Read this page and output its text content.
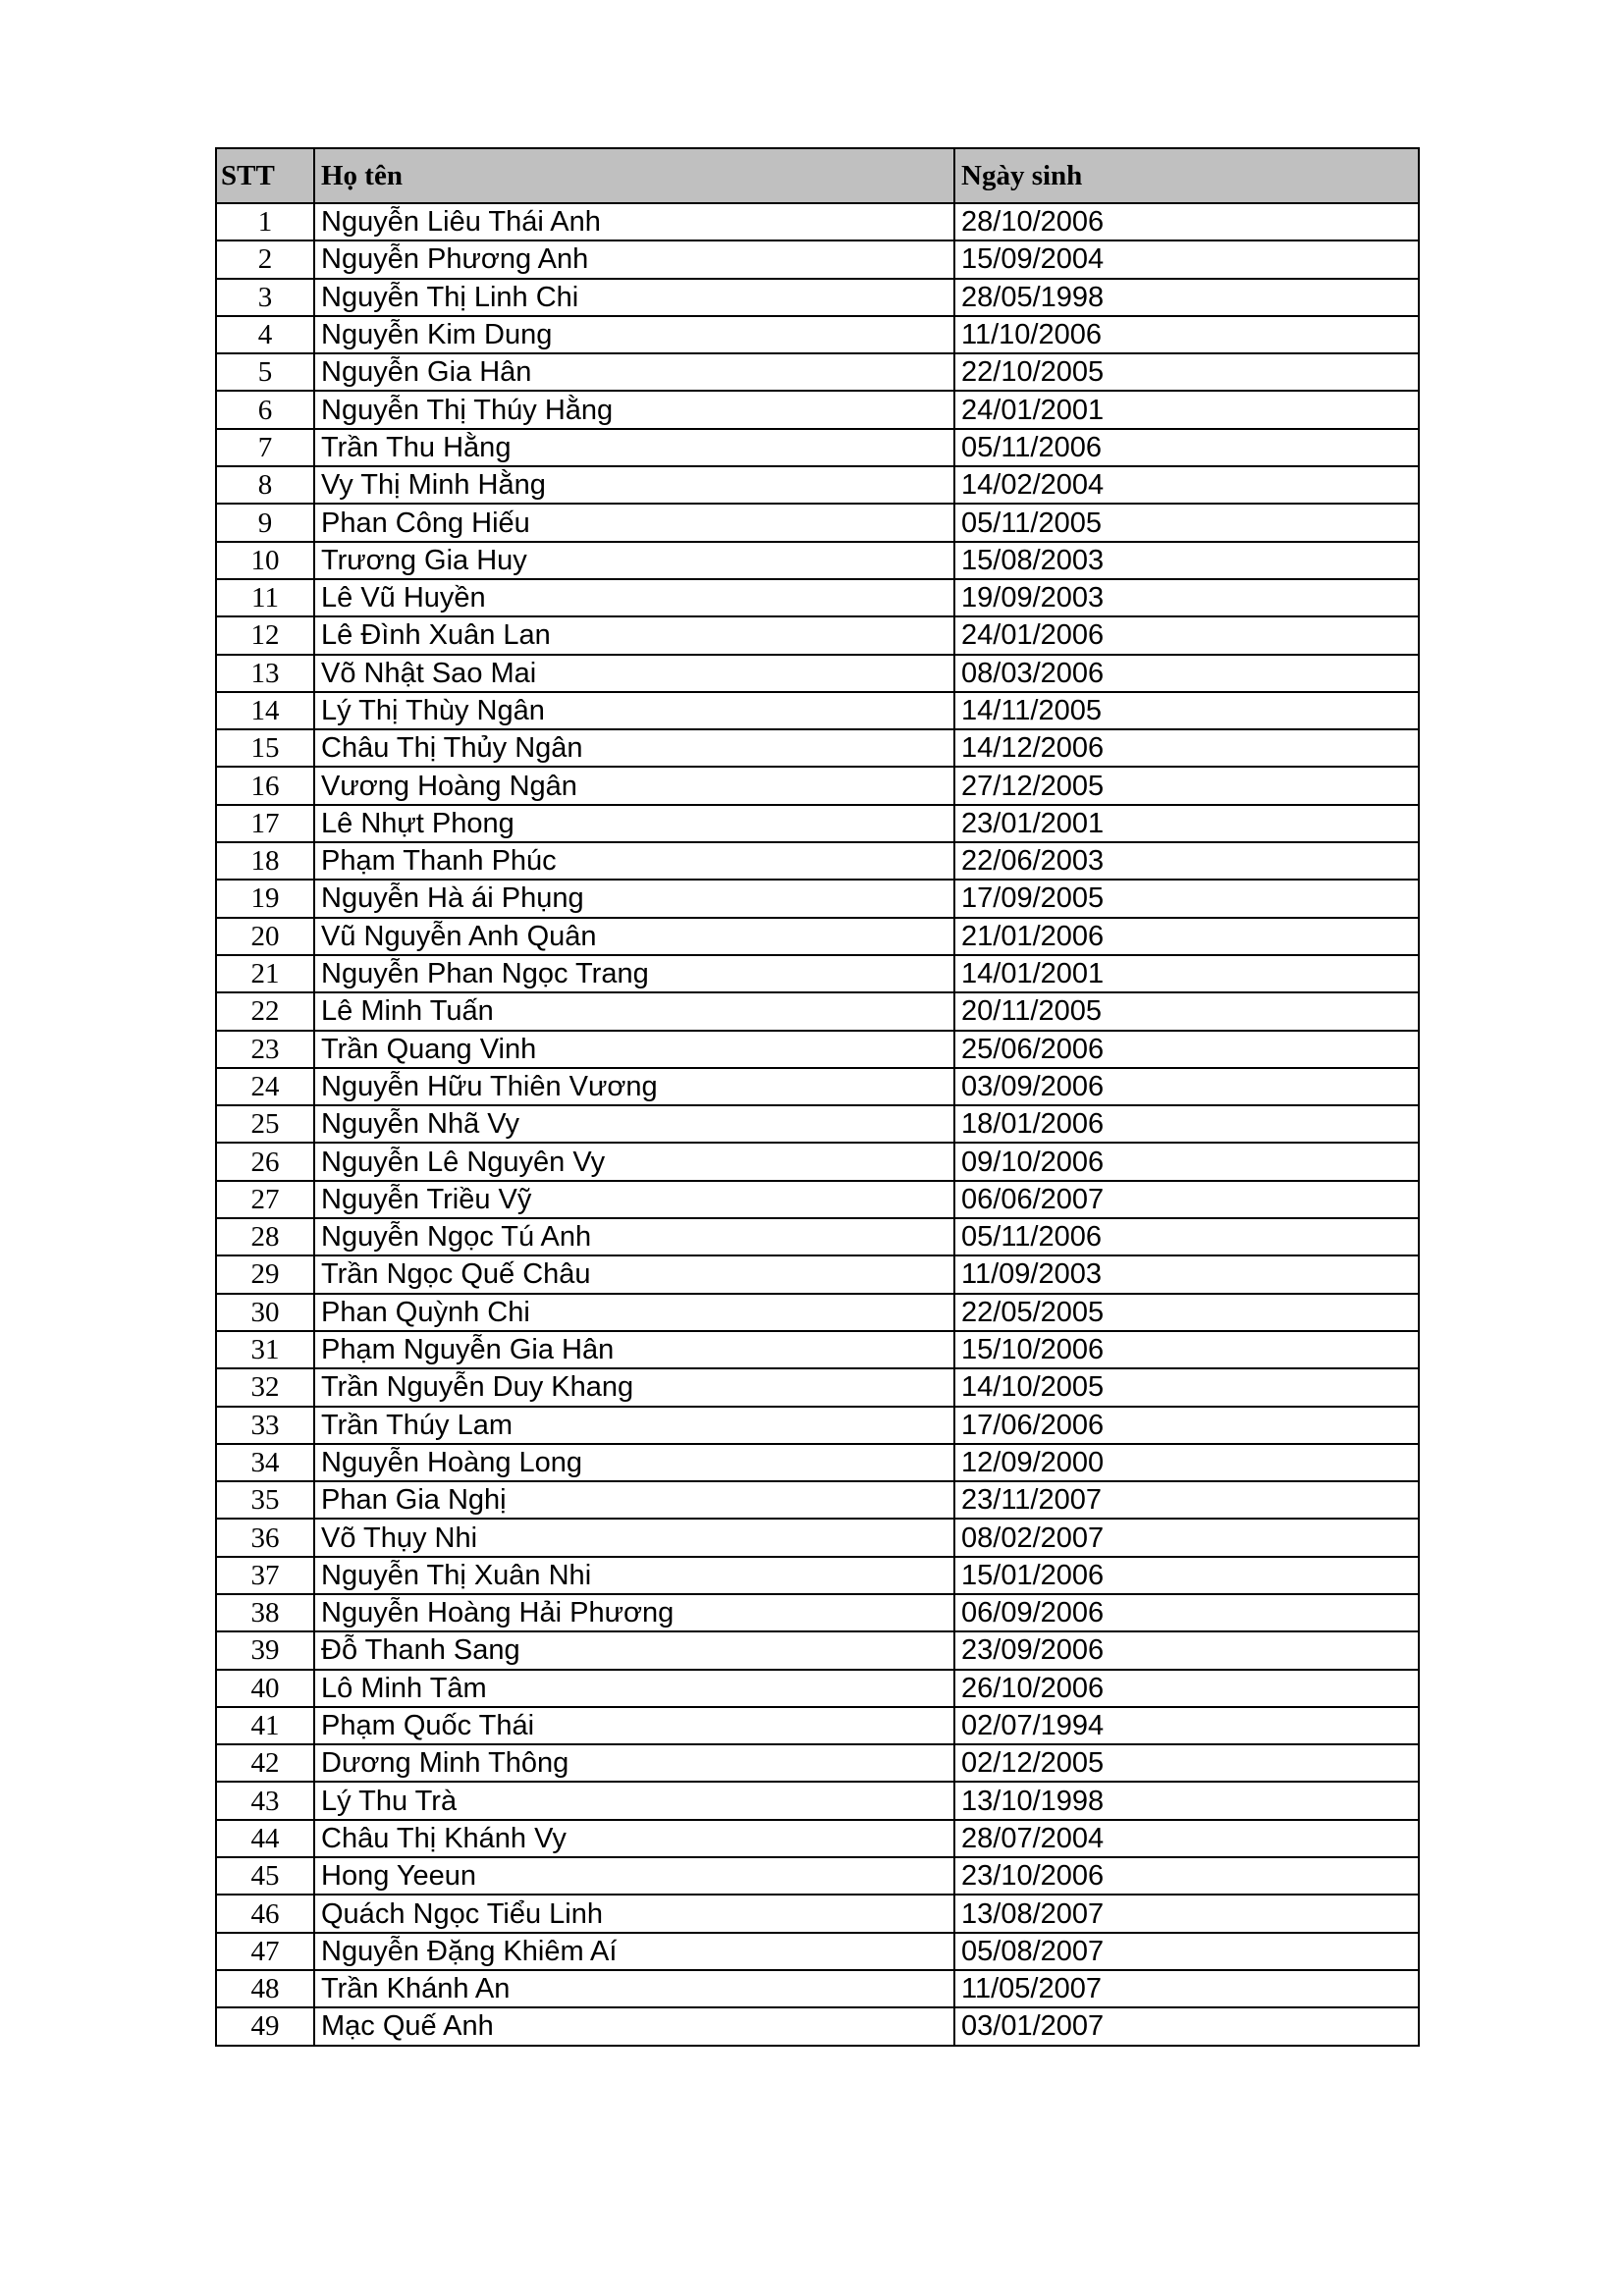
STT	Họ tên	Ngày sinh
1	Nguyễn Liêu Thái Anh	28/10/2006
2	Nguyễn Phương Anh	15/09/2004
3	Nguyễn Thị Linh Chi	28/05/1998
4	Nguyễn Kim Dung	11/10/2006
5	Nguyễn Gia Hân	22/10/2005
6	Nguyễn Thị Thúy Hằng	24/01/2001
7	Trần Thu Hằng	05/11/2006
8	Vy Thị Minh Hằng	14/02/2004
9	Phan Công Hiếu	05/11/2005
10	Trương Gia Huy	15/08/2003
11	Lê Vũ Huyền	19/09/2003
12	Lê Đình Xuân Lan	24/01/2006
13	Võ Nhật Sao Mai	08/03/2006
14	Lý Thị Thùy Ngân	14/11/2005
15	Châu Thị Thủy Ngân	14/12/2006
16	Vương Hoàng Ngân	27/12/2005
17	Lê Nhựt Phong	23/01/2001
18	Phạm Thanh Phúc	22/06/2003
19	Nguyễn Hà ái Phụng	17/09/2005
20	Vũ Nguyễn Anh Quân	21/01/2006
21	Nguyễn Phan Ngọc Trang	14/01/2001
22	Lê Minh Tuấn	20/11/2005
23	Trần Quang Vinh	25/06/2006
24	Nguyễn Hữu Thiên Vương	03/09/2006
25	Nguyễn Nhã Vy	18/01/2006
26	Nguyễn Lê Nguyên Vy	09/10/2006
27	Nguyễn Triều Vỹ	06/06/2007
28	Nguyễn Ngọc Tú Anh	05/11/2006
29	Trần Ngọc Quế Châu	11/09/2003
30	Phan Quỳnh Chi	22/05/2005
31	Phạm Nguyễn Gia Hân	15/10/2006
32	Trần Nguyễn Duy Khang	14/10/2005
33	Trần Thúy Lam	17/06/2006
34	Nguyễn Hoàng Long	12/09/2000
35	Phan Gia Nghị	23/11/2007
36	Võ Thụy Nhi	08/02/2007
37	Nguyễn Thị Xuân Nhi	15/01/2006
38	Nguyễn Hoàng Hải Phương	06/09/2006
39	Đỗ Thanh Sang	23/09/2006
40	Lô Minh Tâm	26/10/2006
41	Phạm Quốc Thái	02/07/1994
42	Dương Minh Thông	02/12/2005
43	Lý Thu Trà	13/10/1998
44	Châu Thị Khánh Vy	28/07/2004
45	Hong Yeeun	23/10/2006
46	Quách Ngọc Tiểu Linh	13/08/2007
47	Nguyễn Đặng Khiêm Aí	05/08/2007
48	Trần Khánh An	11/05/2007
49	Mạc Quế Anh	03/01/2007
